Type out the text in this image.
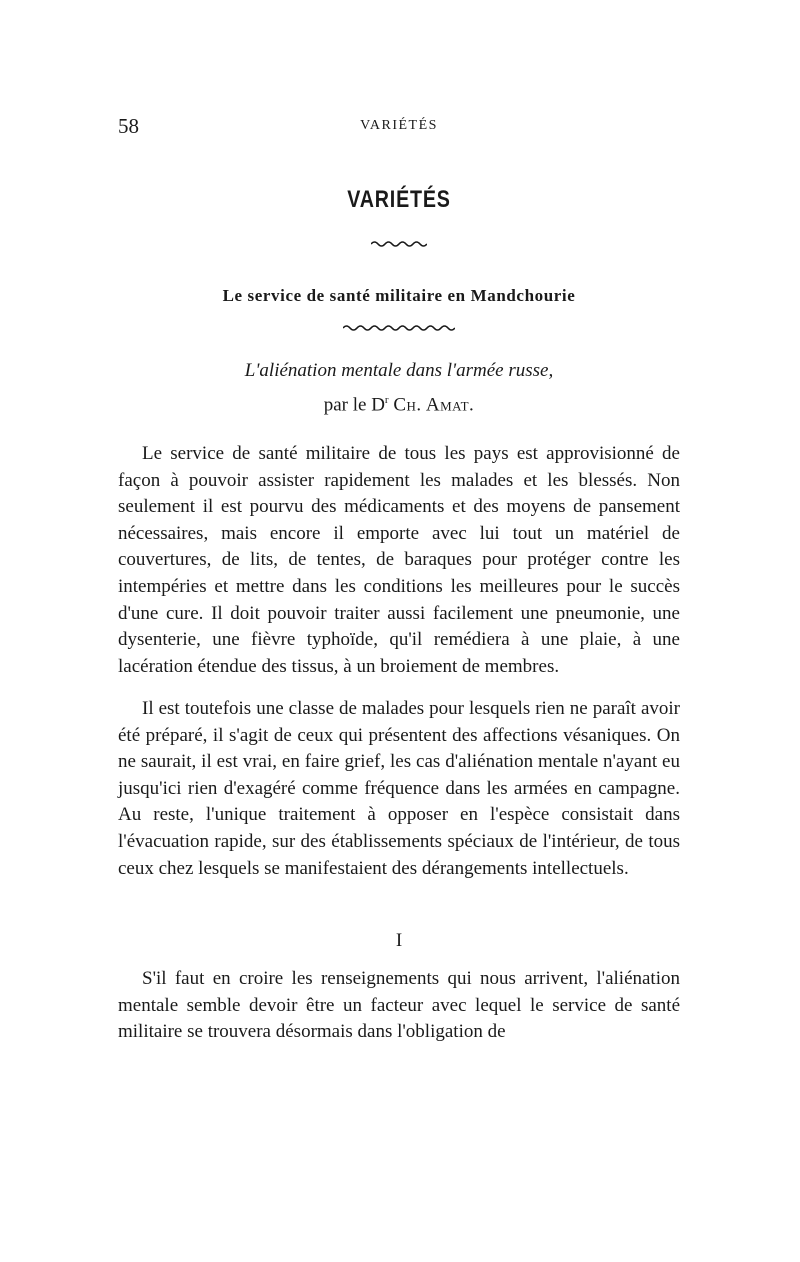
58	VARIÉTÉS
VARIÉTÉS
Le service de santé militaire en Mandchourie
L'aliénation mentale dans l'armée russe,
par le $D^r$ Ch. Amat.

Le service de santé militaire de tous les pays est approvisionné de façon à pouvoir assister rapidement les malades et les blessés. Non seulement il est pourvu des médicaments et des moyens de pansement nécessaires, mais encore il emporte avec lui tout un matériel de couvertures, de lits, de tentes, de baraques pour protéger contre les intempéries et mettre dans les conditions les meilleures pour le succès d'une cure. Il doit pouvoir traiter aussi facilement une pneumonie, une dysenterie, une fièvre typhoïde, qu'il remédiera à une plaie, à une lacération étendue des tissus, à un broiement de membres.

Il est toutefois une classe de malades pour lesquels rien ne paraît avoir été préparé, il s'agit de ceux qui présentent des affections vésaniques. On ne saurait, il est vrai, en faire grief, les cas d'aliénation mentale n'ayant eu jusqu'ici rien d'exagéré comme fréquence dans les armées en campagne. Au reste, l'unique traitement à opposer en l'espèce consistait dans l'évacuation rapide, sur des établissements spéciaux de l'intérieur, de tous ceux chez lesquels se manifestaient des dérangements intellectuels.

I

S'il faut en croire les renseignements qui nous arrivent, l'aliénation mentale semble devoir être un facteur avec lequel le service de santé militaire se trouvera désormais dans l'obligation de
